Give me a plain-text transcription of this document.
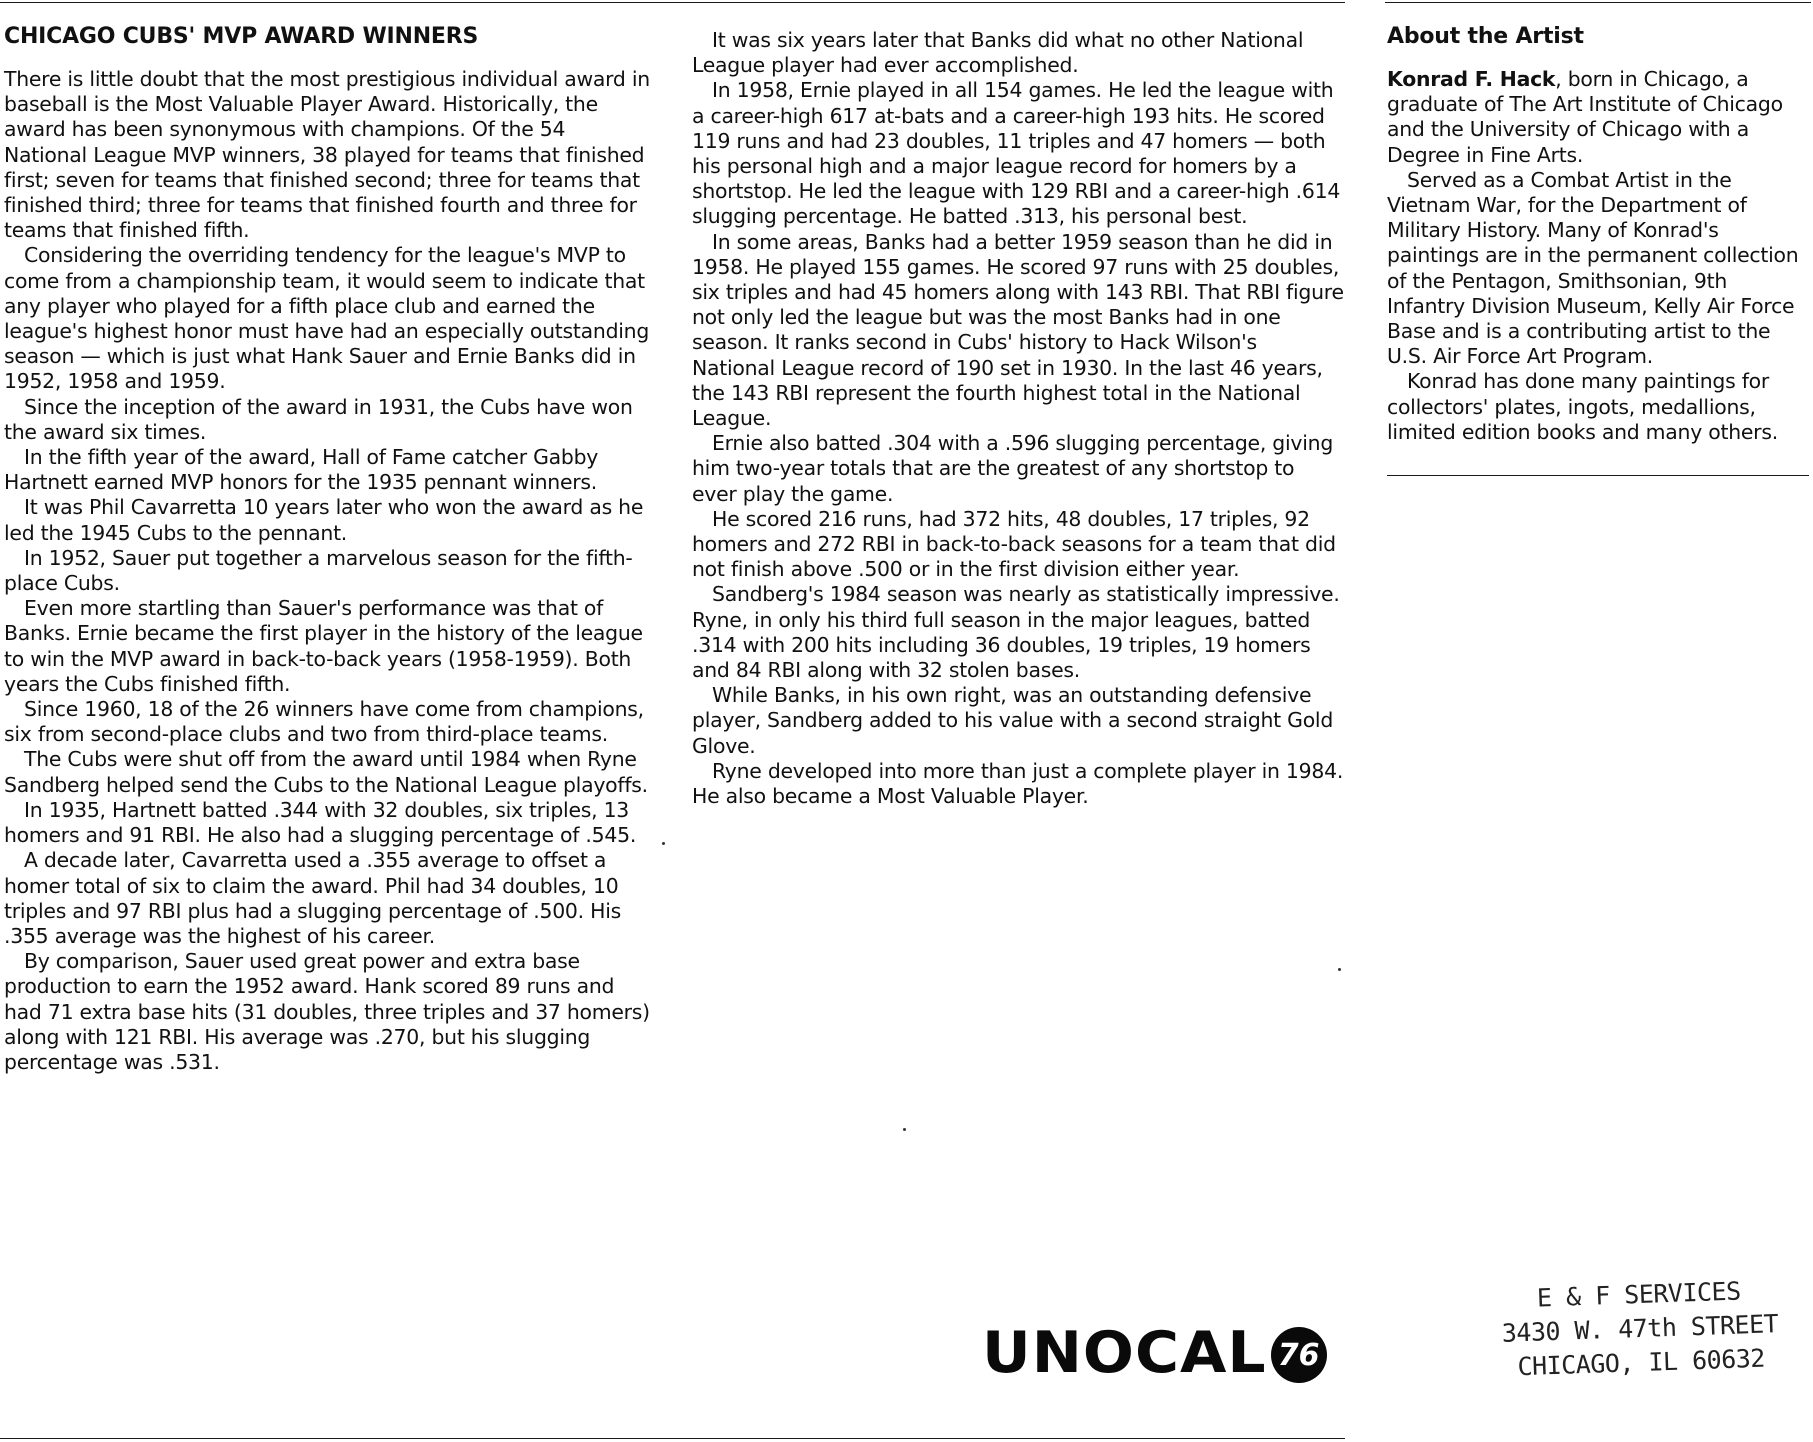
CHICAGO CUBS' MVP AWARD WINNERS

There is little doubt that the most prestigious individual award in baseball is the Most Valuable Player Award. Historically, the award has been synonymous with champions. Of the 54 National League MVP winners, 38 played for teams that finished first; seven for teams that finished second; three for teams that finished third; three for teams that finished fourth and three for teams that finished fifth.

Considering the overriding tendency for the league's MVP to come from a championship team, it would seem to indicate that any player who played for a fifth place club and earned the league's highest honor must have had an especially outstanding season — which is just what Hank Sauer and Ernie Banks did in 1952, 1958 and 1959.

Since the inception of the award in 1931, the Cubs have won the award six times.

In the fifth year of the award, Hall of Fame catcher Gabby Hartnett earned MVP honors for the 1935 pennant winners.

It was Phil Cavarretta 10 years later who won the award as he led the 1945 Cubs to the pennant.

In 1952, Sauer put together a marvelous season for the fifth-place Cubs.

Even more startling than Sauer's performance was that of Banks. Ernie became the first player in the history of the league to win the MVP award in back-to-back years (1958-1959). Both years the Cubs finished fifth.

Since 1960, 18 of the 26 winners have come from champions, six from second-place clubs and two from third-place teams.

The Cubs were shut off from the award until 1984 when Ryne Sandberg helped send the Cubs to the National League playoffs.

In 1935, Hartnett batted .344 with 32 doubles, six triples, 13 homers and 91 RBI. He also had a slugging percentage of .545.

A decade later, Cavarretta used a .355 average to offset a homer total of six to claim the award. Phil had 34 doubles, 10 triples and 97 RBI plus had a slugging percentage of .500. His .355 average was the highest of his career.

By comparison, Sauer used great power and extra base production to earn the 1952 award. Hank scored 89 runs and had 71 extra base hits (31 doubles, three triples and 37 homers) along with 121 RBI. His average was .270, but his slugging percentage was .531.

It was six years later that Banks did what no other National League player had ever accomplished.

In 1958, Ernie played in all 154 games. He led the league with a career-high 617 at-bats and a career-high 193 hits. He scored 119 runs and had 23 doubles, 11 triples and 47 homers — both his personal high and a major league record for homers by a shortstop. He led the league with 129 RBI and a career-high .614 slugging percentage. He batted .313, his personal best.

In some areas, Banks had a better 1959 season than he did in 1958. He played 155 games. He scored 97 runs with 25 doubles, six triples and had 45 homers along with 143 RBI. That RBI figure not only led the league but was the most Banks had in one season. It ranks second in Cubs' history to Hack Wilson's National League record of 190 set in 1930. In the last 46 years, the 143 RBI represent the fourth highest total in the National League.

Ernie also batted .304 with a .596 slugging percentage, giving him two-year totals that are the greatest of any shortstop to ever play the game.

He scored 216 runs, had 372 hits, 48 doubles, 17 triples, 92 homers and 272 RBI in back-to-back seasons for a team that did not finish above .500 or in the first division either year.

Sandberg's 1984 season was nearly as statistically impressive. Ryne, in only his third full season in the major leagues, batted .314 with 200 hits including 36 doubles, 19 triples, 19 homers and 84 RBI along with 32 stolen bases.

While Banks, in his own right, was an outstanding defensive player, Sandberg added to his value with a second straight Gold Glove.

Ryne developed into more than just a complete player in 1984. He also became a Most Valuable Player.

About the Artist

Konrad F. Hack, born in Chicago, a graduate of The Art Institute of Chicago and the University of Chicago with a Degree in Fine Arts.

Served as a Combat Artist in the Vietnam War, for the Department of Military History. Many of Konrad's paintings are in the permanent collection of the Pentagon, Smithsonian, 9th Infantry Division Museum, Kelly Air Force Base and is a contributing artist to the U.S. Air Force Art Program.

Konrad has done many paintings for collectors' plates, ingots, medallions, limited edition books and many others.

UNOCAL 76
E & F SERVICES
3430 W. 47th STREET
CHICAGO, IL 60632
